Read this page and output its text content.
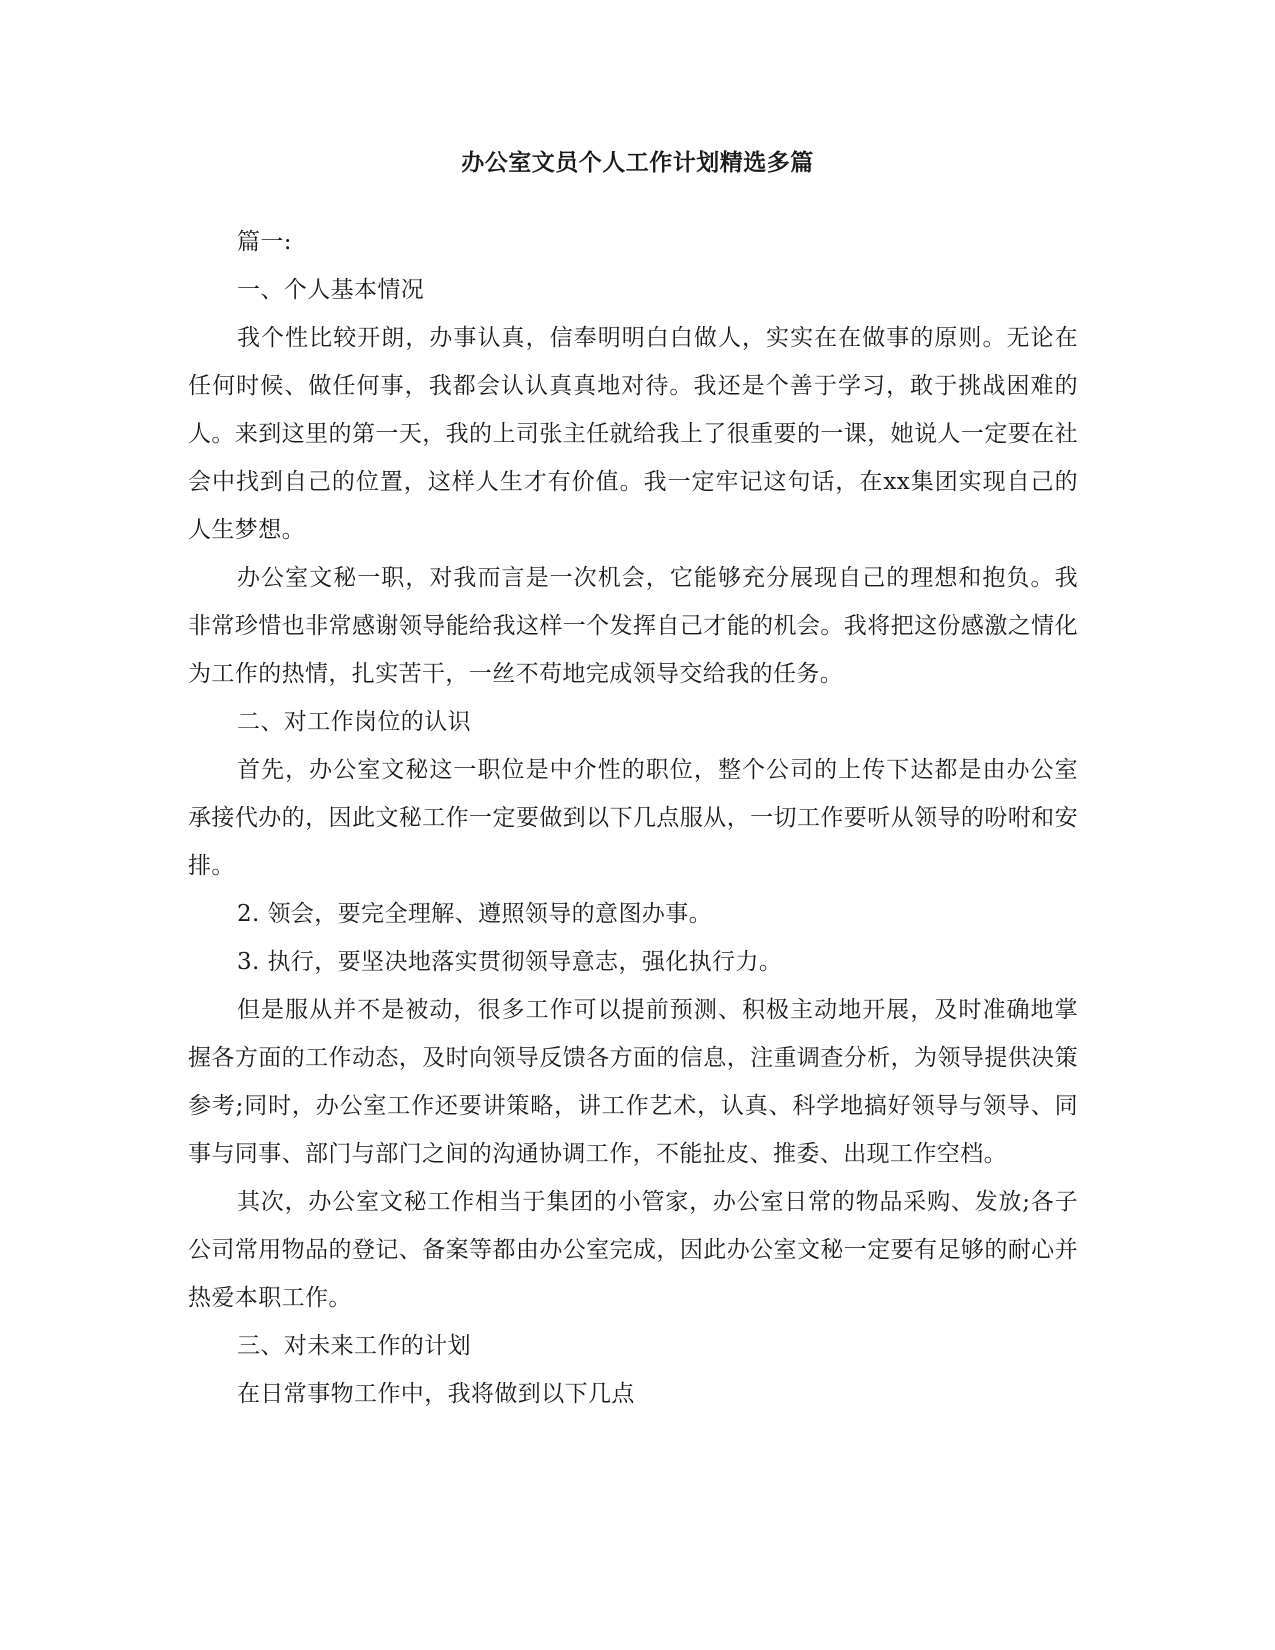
办公室文员个人工作计划精选多篇

篇一:

一、个人基本情况

我个性比较开朗，办事认真，信奉明明白白做人，实实在在做事的原则。无论在任何时候、做任何事，我都会认认真真地对待。我还是个善于学习，敢于挑战困难的人。来到这里的第一天，我的上司张主任就给我上了很重要的一课，她说人一定要在社会中找到自己的位置，这样人生才有价值。我一定牢记这句话，在xx集团实现自己的人生梦想。

办公室文秘一职，对我而言是一次机会，它能够充分展现自己的理想和抱负。我非常珍惜也非常感谢领导能给我这样一个发挥自己才能的机会。我将把这份感激之情化为工作的热情，扎实苦干，一丝不苟地完成领导交给我的任务。

二、对工作岗位的认识

首先，办公室文秘这一职位是中介性的职位，整个公司的上传下达都是由办公室承接代办的，因此文秘工作一定要做到以下几点服从，一切工作要听从领导的吩咐和安排。

2. 领会，要完全理解、遵照领导的意图办事。

3. 执行，要坚决地落实贯彻领导意志，强化执行力。

但是服从并不是被动，很多工作可以提前预测、积极主动地开展，及时准确地掌握各方面的工作动态，及时向领导反馈各方面的信息，注重调查分析，为领导提供决策参考;同时，办公室工作还要讲策略，讲工作艺术，认真、科学地搞好领导与领导、同事与同事、部门与部门之间的沟通协调工作，不能扯皮、推委、出现工作空档。

其次，办公室文秘工作相当于集团的小管家，办公室日常的物品采购、发放;各子公司常用物品的登记、备案等都由办公室完成，因此办公室文秘一定要有足够的耐心并热爱本职工作。

三、对未来工作的计划

在日常事物工作中，我将做到以下几点
